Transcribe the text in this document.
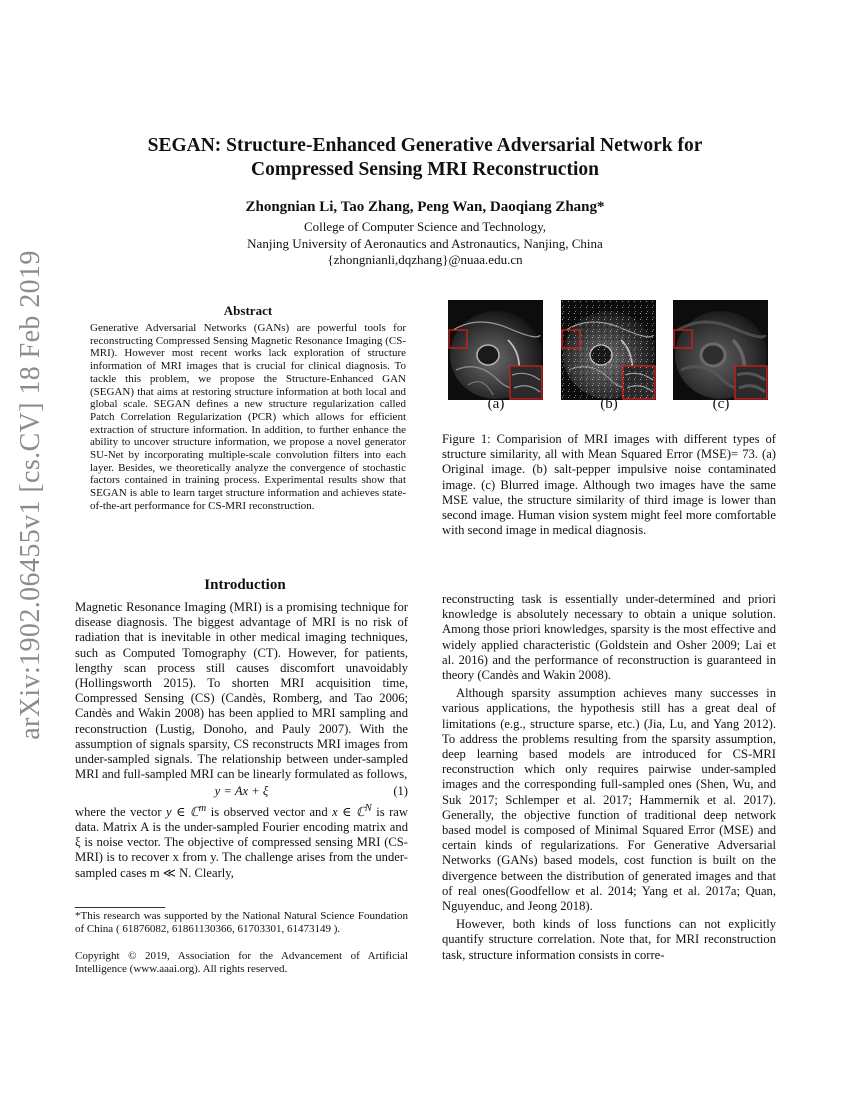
arXiv:1902.06455v1 [cs.CV] 18 Feb 2019
SEGAN: Structure-Enhanced Generative Adversarial Network for
Compressed Sensing MRI Reconstruction
Zhongnian Li, Tao Zhang, Peng Wan, Daoqiang Zhang*
College of Computer Science and Technology,
Nanjing University of Aeronautics and Astronautics, Nanjing, China
{zhongnianli,dqzhang}@nuaa.edu.cn
Abstract
Generative Adversarial Networks (GANs) are powerful tools for reconstructing Compressed Sensing Magnetic Resonance Imaging (CS-MRI). However most recent works lack exploration of structure information of MRI images that is crucial for clinical diagnosis. To tackle this problem, we propose the Structure-Enhanced GAN (SEGAN) that aims at restoring structure information at both local and global scale. SEGAN defines a new structure regularization called Patch Correlation Regularization (PCR) which allows for efficient extraction of structure information. In addition, to further enhance the ability to uncover structure information, we propose a novel generator SU-Net by incorporating multiple-scale convolution filters into each layer. Besides, we theoretically analyze the convergence of stochastic factors contained in training process. Experimental results show that SEGAN is able to learn target structure information and achieves state-of-the-art performance for CS-MRI reconstruction.
Introduction

Magnetic Resonance Imaging (MRI) is a promising technique for disease diagnosis. The biggest advantage of MRI is no risk of radiation that is inevitable in other medical imaging techniques, such as Computed Tomography (CT). However, for patients, lengthy scan process still causes discomfort unavoidably (Hollingsworth 2015). To shorten MRI acquisition time, Compressed Sensing (CS) (Candès, Romberg, and Tao 2006; Candès and Wakin 2008) has been applied to MRI sampling and reconstruction (Lustig, Donoho, and Pauly 2007). With the assumption of signals sparsity, CS reconstructs MRI images from under-sampled signals. The relationship between under-sampled MRI and full-sampled MRI can be linearly formulated as follows,

y = Ax + ξ	(1)

where the vector y ∈ ℂ$^m$ is observed vector and x ∈ ℂ$^N$ is raw data. Matrix A is the under-sampled Fourier encoding matrix and ξ is noise vector. The objective of compressed sensing MRI (CS-MRI) is to recover x from y. The challenge arises from the under-sampled cases m ≪ N. Clearly,

*This research was supported by the National Natural Science Foundation of China ( 61876082, 61861130366, 61703301, 61473149 ).
Copyright © 2019, Association for the Advancement of Artificial Intelligence (www.aaai.org). All rights reserved.
(a)	(b)	(c)
Figure 1: Comparision of MRI images with different types of structure similarity, all with Mean Squared Error (MSE)= 73. (a) Original image. (b) salt-pepper impulsive noise contaminated image. (c) Blurred image. Although two images have the same MSE value, the structure similarity of third image is lower than second image. Human vision system might feel more comfortable with second image in medical diagnosis.

reconstructing task is essentially under-determined and priori knowledge is absolutely necessary to obtain a unique solution. Among those priori knowledges, sparsity is the most effective and widely applied characteristic (Goldstein and Osher 2009; Lai et al. 2016) and the performance of reconstruction is guaranteed in theory (Candès and Wakin 2008).

Although sparsity assumption achieves many successes in various applications, the hypothesis still has a great deal of limitations (e.g., structure sparse, etc.) (Jia, Lu, and Yang 2012). To address the problems resulting from the sparsity assumption, deep learning based models are introduced for CS-MRI reconstruction which only requires pairwise under-sampled images and the corresponding full-sampled ones (Shen, Wu, and Suk 2017; Schlemper et al. 2017; Hammernik et al. 2017). Generally, the objective function of traditional deep network based model is composed of Minimal Squared Error (MSE) and certain kinds of regularizations. For Generative Adversarial Networks (GANs) based models, cost function is built on the divergence between the distribution of generated images and that of real ones(Goodfellow et al. 2014; Yang et al. 2017a; Quan, Nguyenduc, and Jeong 2018).

However, both kinds of loss functions can not explicitly quantify structure correlation. Note that, for MRI reconstruction task, structure information consists in corre-
